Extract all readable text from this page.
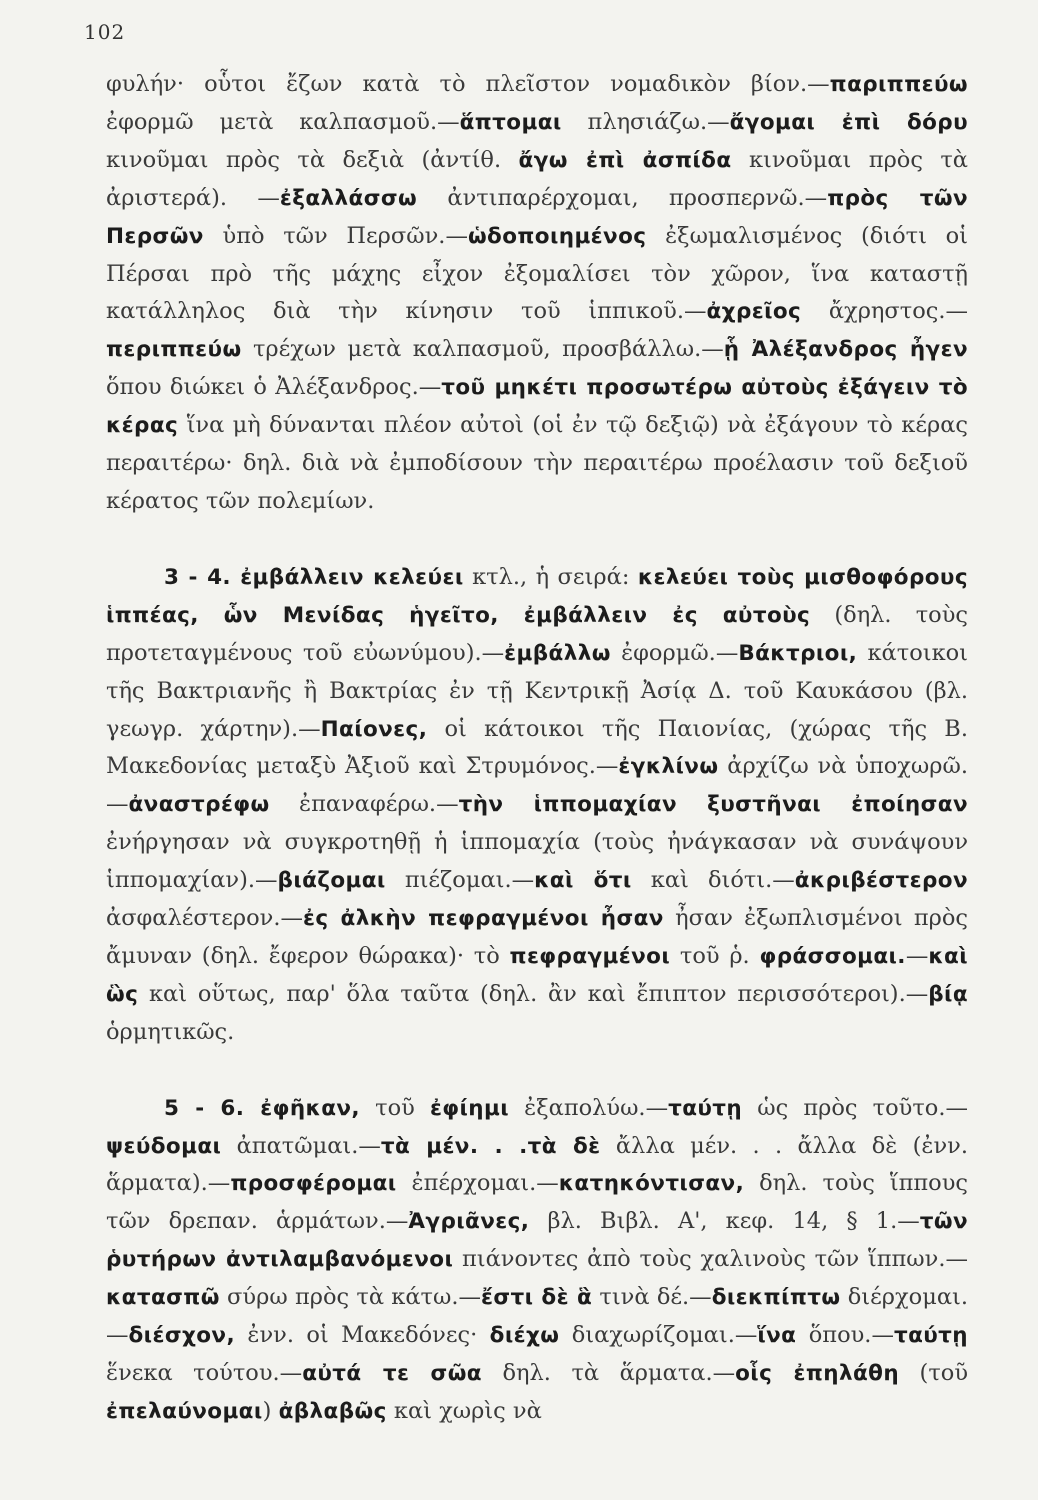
102

φυλήν· οὗτοι ἔζων κατὰ τὸ πλεῖστον νομαδικὸν βίον.—παριππεύω ἐφορμῶ μετὰ καλπασμοῦ.—ἅπτομαι πλησιάζω.—ἄγομαι ἐπὶ δόρυ κινοῦμαι πρὸς τὰ δεξιὰ (ἀντίθ. ἄγω ἐπὶ ἀσπίδα κινοῦμαι πρὸς τὰ ἀριστερά). —ἐξαλλάσσω ἀντιπαρέρχομαι, προσπερνῶ.—πρὸς τῶν Περσῶν ὑπὸ τῶν Περσῶν.—ὡδοποιημένος ἐξωμαλισμένος (διότι οἱ Πέρσαι πρὸ τῆς μάχης εἶχον ἐξομαλίσει τὸν χῶρον, ἵνα καταστῇ κατάλληλος διὰ τὴν κίνησιν τοῦ ἱππικοῦ.—ἀχρεῖος ἄχρηστος.—περιππεύω τρέχων μετὰ καλπασμοῦ, προσβάλλω.—ᾗ Ἀλέξανδρος ἦγεν ὅπου διώκει ὁ Ἀλέξανδρος.—τοῦ μηκέτι προσωτέρω αὐτοὺς ἐξάγειν τὸ κέρας ἵνα μὴ δύνανται πλέον αὐτοὶ (οἱ ἐν τῷ δεξιῷ) νὰ ἐξάγουν τὸ κέρας περαιτέρω· δηλ. διὰ νὰ ἐμποδίσουν τὴν περαιτέρω προέλασιν τοῦ δεξιοῦ κέρατος τῶν πολεμίων.

3 - 4. ἐμβάλλειν κελεύει κτλ., ἡ σειρά: κελεύει τοὺς μισθοφόρους ἱππέας, ὧν Μενίδας ἡγεῖτο, ἐμβάλλειν ἐς αὐτοὺς (δηλ. τοὺς προτεταγμένους τοῦ εὐωνύμου).—ἐμβάλλω ἐφορμῶ.—Βάκτριοι, κάτοικοι τῆς Βακτριανῆς ἢ Βακτρίας ἐν τῇ Κεντρικῇ Ἀσίᾳ Δ. τοῦ Καυκάσου (βλ. γεωγρ. χάρτην).—Παίονες, οἱ κάτοικοι τῆς Παιονίας, (χώρας τῆς Β. Μακεδονίας μεταξὺ Ἀξιοῦ καὶ Στρυμόνος.—ἐγκλίνω ἀρχίζω νὰ ὑποχωρῶ.—ἀναστρέφω ἐπαναφέρω.—τὴν ἱππομαχίαν ξυστῆναι ἐποίησαν ἐνήργησαν νὰ συγκροτηθῇ ἡ ἱππομαχία (τοὺς ἠνάγκασαν νὰ συνάψουν ἱππομαχίαν).—βιάζομαι πιέζομαι.—καὶ ὅτι καὶ διότι.—ἀκριβέστερον ἀσφαλέστερον.—ἐς ἀλκὴν πεφραγμένοι ἦσαν ἦσαν ἐξωπλισμένοι πρὸς ἄμυναν (δηλ. ἔφερον θώρακα)· τὸ πεφραγμένοι τοῦ ῥ. φράσσομαι.—καὶ ὣς καὶ οὕτως, παρ' ὅλα ταῦτα (δηλ. ἂν καὶ ἔπιπτον περισσότεροι).—βίᾳ ὁρμητικῶς.

5 - 6. ἐφῆκαν, τοῦ ἐφίημι ἐξαπολύω.—ταύτῃ ὡς πρὸς τοῦτο.—ψεύδομαι ἀπατῶμαι.—τὰ μέν. . .τὰ δὲ ἄλλα μέν. . . ἄλλα δὲ (ἐνν. ἅρματα).—προσφέρομαι ἐπέρχομαι.—κατηκόντισαν, δηλ. τοὺς ἵππους τῶν δρεπαν. ἁρμάτων.—Ἀγριᾶνες, βλ. Βιβλ. Α', κεφ. 14, § 1.—τῶν ῥυτήρων ἀντιλαμβανόμενοι πιάνοντες ἀπὸ τοὺς χαλινοὺς τῶν ἵππων.—κατασπῶ σύρω πρὸς τὰ κάτω.—ἔστι δὲ ἃ τινὰ δέ.—διεκπίπτω διέρχομαι.—διέσχον, ἐνν. οἱ Μακεδόνες· διέχω διαχωρίζομαι.—ἵνα ὅπου.—ταύτῃ ἕνεκα τούτου.—αὐτά τε σῶα δηλ. τὰ ἅρματα.—οἷς ἐπηλάθη (τοῦ ἐπελαύνομαι) ἀβλαβῶς καὶ χωρὶς νὰ
